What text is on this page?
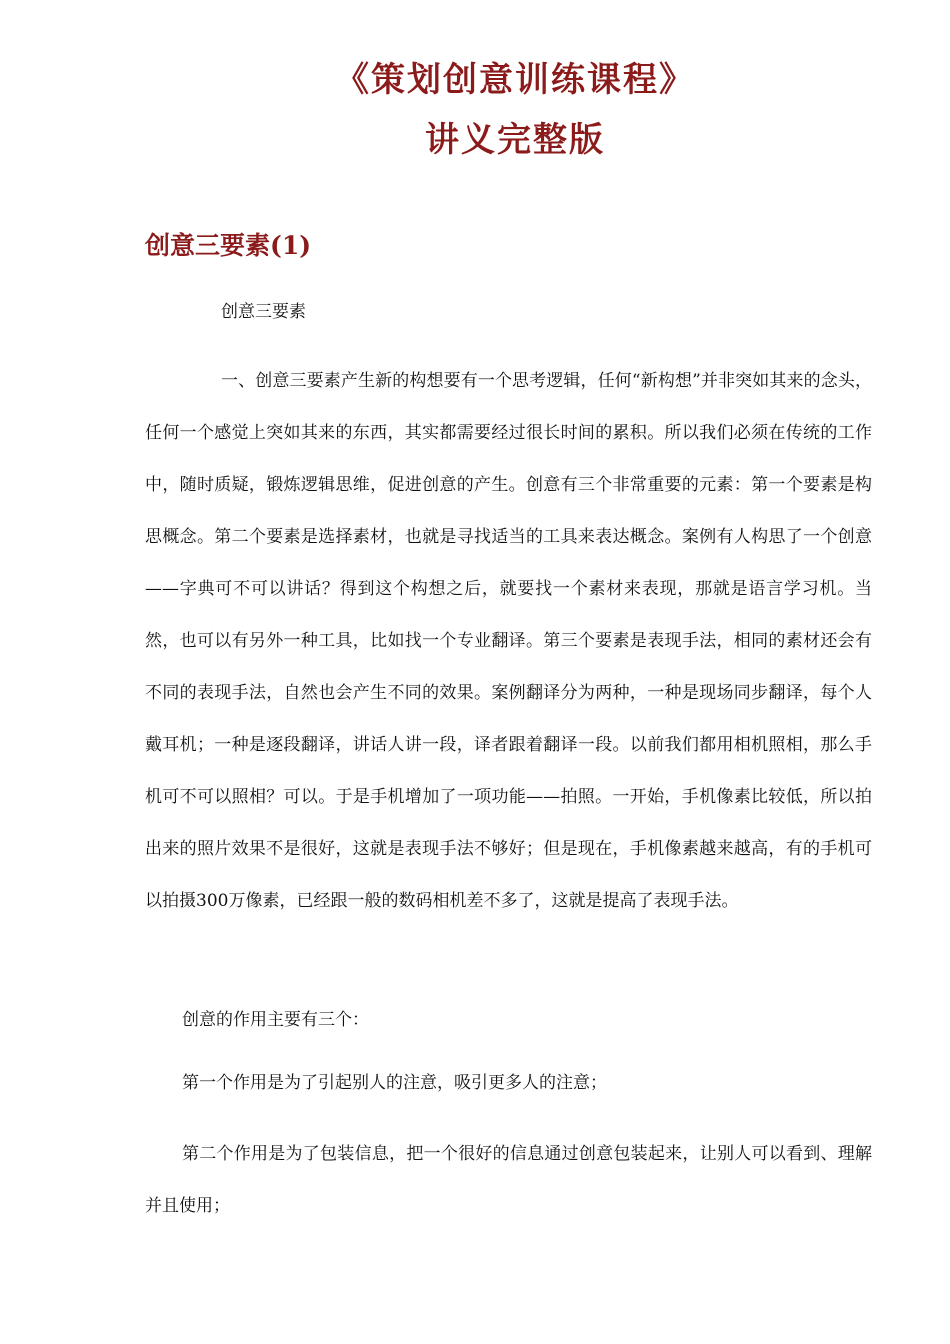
《策划创意训练课程》
讲义完整版
创意三要素(1)
创意三要素

一、创意三要素产生新的构想要有一个思考逻辑，任何“新构想”并非突如其来的念头，任何一个感觉上突如其来的东西，其实都需要经过很长时间的累积。所以我们必须在传统的工作中，随时质疑，锻炼逻辑思维，促进创意的产生。创意有三个非常重要的元素：第一个要素是构思概念。第二个要素是选择素材，也就是寻找适当的工具来表达概念。案例有人构思了一个创意——字典可不可以讲话？得到这个构想之后，就要找一个素材来表现，那就是语言学习机。当然，也可以有另外一种工具，比如找一个专业翻译。第三个要素是表现手法，相同的素材还会有不同的表现手法，自然也会产生不同的效果。案例翻译分为两种，一种是现场同步翻译，每个人戴耳机；一种是逐段翻译，讲话人讲一段，译者跟着翻译一段。以前我们都用相机照相，那么手机可不可以照相？可以。于是手机增加了一项功能——拍照。一开始，手机像素比较低，所以拍出来的照片效果不是很好，这就是表现手法不够好；但是现在，手机像素越来越高，有的手机可以拍摄300万像素，已经跟一般的数码相机差不多了，这就是提高了表现手法。

创意的作用主要有三个：

第一个作用是为了引起别人的注意，吸引更多人的注意；

第二个作用是为了包装信息，把一个很好的信息通过创意包装起来，让别人可以看到、理解并且使用；
